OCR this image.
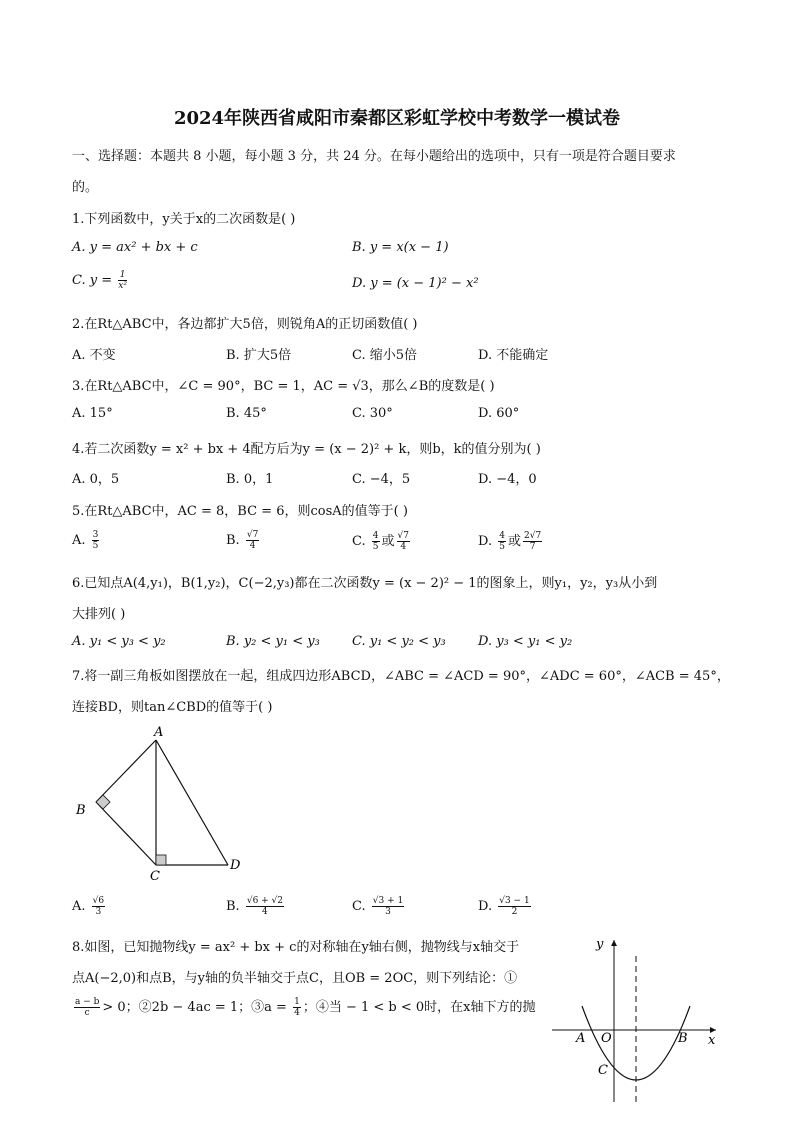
2024年陕西省咸阳市秦都区彩虹学校中考数学一模试卷
一、选择题：本题共 8 小题，每小题 3 分，共 24 分。在每小题给出的选项中，只有一项是符合题目要求
的。
1.下列函数中，y关于x的二次函数是( )
A. y = ax² + bx + c	B. y = x(x − 1)
C. $y = \frac{1}{\text{x²}}$	D. y = (x − 1)² − x²
2.在Rt△ABC中，各边都扩大5倍，则锐角A的正切函数值( )
A. 不变	B. 扩大5倍	C. 缩小5倍	D. 不能确定
3.在Rt△ABC中，∠C = 90°，BC = 1，AC = √3，那么∠B的度数是( )
A. 15°	B. 45°	C. 30°	D. 60°
4.若二次函数y = x² + bx + 4配方后为y = (x − 2)² + k，则b，k的值分别为( )
A. 0，5	B. 0，1	C. −4，5	D. −4，0
5.在Rt△ABC中，AC = 8，BC = 6，则cosA的值等于( )
A. $\frac{3}{5}$	B. $\frac{√7}{4}$	C. $\frac{4}{5}$ 或 $\frac{√7}{4}$	D. $\frac{4}{5}$ 或 $\frac{2√7}{7}$
6.已知点A(4,y₁)，B(1,y₂)，C(−2,y₃)都在二次函数y = (x − 2)² − 1的图象上，则y₁，y₂，y₃从小到
大排列( )
A. y₁ < y₃ < y₂	B. y₂ < y₁ < y₃ C. y₁ < y₂ < y₃ D. y₃ < y₁ < y₂
7.将一副三角板如图摆放在一起，组成四边形ABCD，∠ABC = ∠ACD = 90°，∠ADC = 60°，∠ACB = 45°，
连接BD，则tan∠CBD的值等于( )
A
B
C
D
A. $\frac{√6}{3}$	B. $\frac{√6 + √2}{4}$	C. $\frac{√3 + 1}{3}$	D. $\frac{√3 - 1}{2}$
8.如图，已知抛物线y = ax² + bx + c的对称轴在y轴右侧，抛物线与x轴交于
点A(−2,0)和点B，与y轴的负半轴交于点C，且OB = 2OC，则下列结论：①
$\frac{a - b}{c} > 0$；②2b − 4ac = 1；③a = $\frac{1}{4}$ ；④当 − 1 < b < 0时，在x轴下方的抛
y
x
A O	B
C
